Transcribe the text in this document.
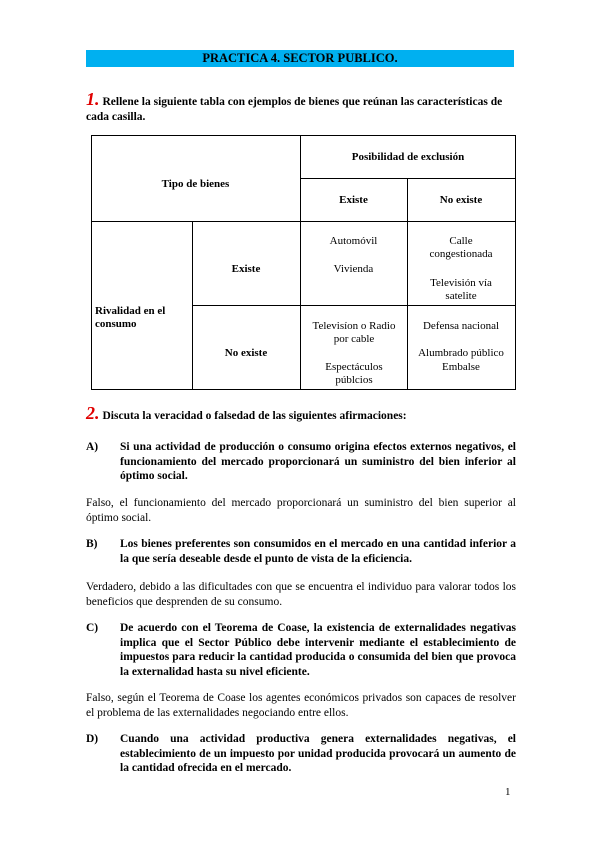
PRACTICA 4. SECTOR PUBLICO.
1. Rellene la siguiente tabla con ejemplos de bienes que reúnan las características de cada casilla.
Tipo de bienes
Posibilidad de exclusión
Existe	No existe
Rivalidad en el consumo
Existe
No existe
Automóvil
Vivienda
Calle congestionada
Televisión vía satelite
Televisíon o Radio por cable
Espectáculos públcios
Defensa nacional
Alumbrado público
Embalse
2. Discuta la veracidad o falsedad de las siguientes afirmaciones:
A) Si una actividad de producción o consumo origina efectos externos negativos, el funcionamiento del mercado proporcionará un suministro del bien inferior al óptimo social.
Falso, el funcionamiento del mercado proporcionará un suministro del bien superior al óptimo social.
B) Los bienes preferentes son consumidos en el mercado en una cantidad inferior a la que sería deseable desde el punto de vista de la eficiencia.
Verdadero, debido a las dificultades con que se encuentra el individuo para valorar todos los beneficios que desprenden de su consumo.
C) De acuerdo con el Teorema de Coase, la existencia de externalidades negativas implica que el Sector Público debe intervenir mediante el establecimiento de impuestos para reducir la cantidad producida o consumida del bien que provoca la externalidad hasta su nivel eficiente.
Falso, según el Teorema de Coase los agentes económicos privados son capaces de resolver el problema de las externalidades negociando entre ellos.
D) Cuando una actividad productiva genera externalidades negativas, el establecimiento de un impuesto por unidad producida provocará un aumento de la cantidad ofrecida en el mercado.
1
